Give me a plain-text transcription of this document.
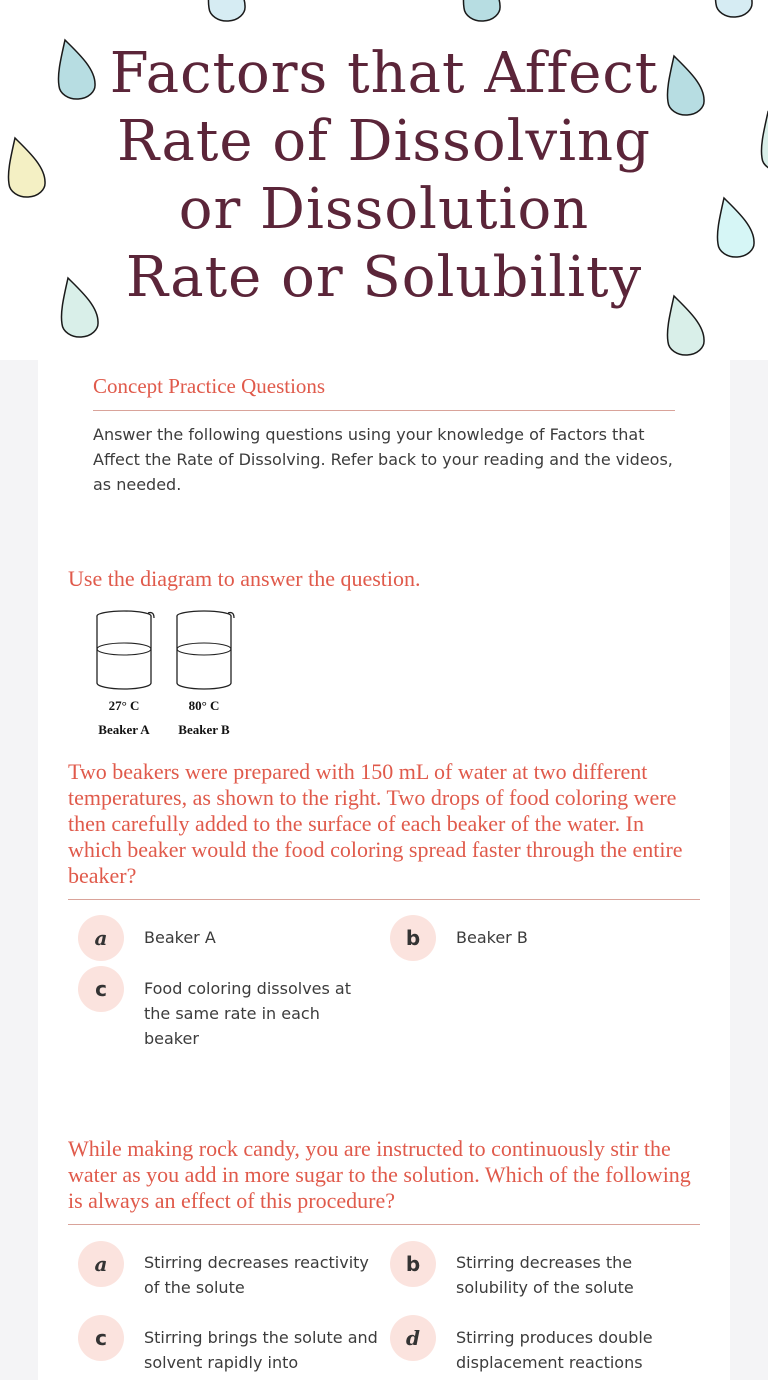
Factors that Affect
Rate of Dissolving
or Dissolution
Rate or Solubility
Concept Practice Questions
Answer the following questions using your knowledge of Factors that Affect the Rate of Dissolving. Refer back to your reading and the videos, as needed.
Use the diagram to answer the question.
27° C	80° C
Beaker A Beaker B
Two beakers were prepared with 150 mL of water at two different temperatures, as shown to the right. Two drops of food coloring were then carefully added to the surface of each beaker of the water. In which beaker would the food coloring spread faster through the entire beaker?
a	Beaker A	b	Beaker B
c	Food coloring dissolves at the same rate in each beaker
While making rock candy, you are instructed to continuously stir the water as you add in more sugar to the solution. Which of the following is always an effect of this procedure?
a	Stirring decreases reactivity of the solute
b	Stirring decreases the solubility of the solute
c	Stirring brings the solute and solvent rapidly into
d	Stirring produces double displacement reactions
